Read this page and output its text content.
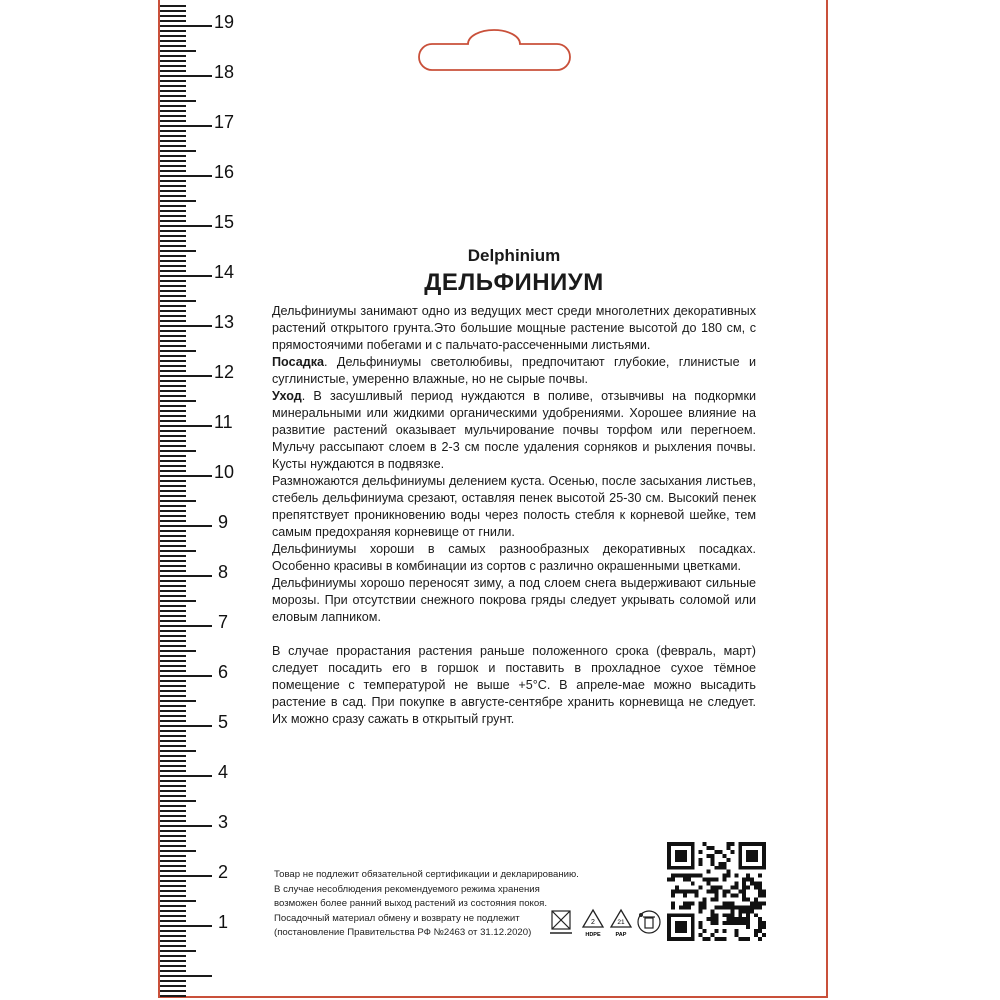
19
18
17
16
15
14
13
12
11
10
9
8
7
6
5
4
3
2
1
Delphinium
ДЕЛЬФИНИУМ

Дельфиниумы занимают одно из ведущих мест среди многолетних декоративных растений открытого грунта.Это большие мощные растение высотой до 180 см, с прямостоячими побегами и с пальчато-рассеченными листьями.

Посадка. Дельфиниумы светолюбивы, предпочитают глубокие, глинистые и суглинистые, умеренно влажные, но не сырые почвы.

Уход. В засушливый период нуждаются в поливе, отзывчивы на подкормки минеральными или жидкими органическими удобрениями. Хорошее влияние на развитие растений оказывает мульчирование почвы торфом или перегноем. Мульчу рассыпают слоем в 2-3 см после удаления сорняков и рыхления почвы. Кусты нуждаются в подвязке.

Размножаются дельфиниумы делением куста. Осенью, после засыхания листьев, стебель дельфиниума срезают, оставляя пенек высотой 25-30 см. Высокий пенек препятствует проникновению воды через полость стебля к корневой шейке, тем самым предохраняя корневище от гнили.

Дельфиниумы хороши в самых разнообразных декоративных посадках. Особенно красивы в комбинации из сортов с различно окрашенными цветками.

Дельфиниумы хорошо переносят зиму, а под слоем снега выдерживают сильные морозы. При отсутствии снежного покрова гряды следует укрывать соломой или еловым лапником.

В случае прорастания растения раньше положенного срока (февраль, март) следует посадить его в горшок и поставить в прохладное сухое тёмное помещение с температурой не выше +5°С. В апреле-мае можно высадить растение в сад. При покупке в августе-сентябре хранить корневища не следует. Их можно сразу сажать в открытый грунт.

Товар не подлежит обязательной сертификации и декларированию.
В случае несоблюдения рекомендуемого режима хранения
возможен более ранний выход растений из состояния покоя.
Посадочный материал обмену и возврату не подлежит
(постановление Правительства РФ №2463 от 31.12.2020)
2
HDPE
21
PAP
